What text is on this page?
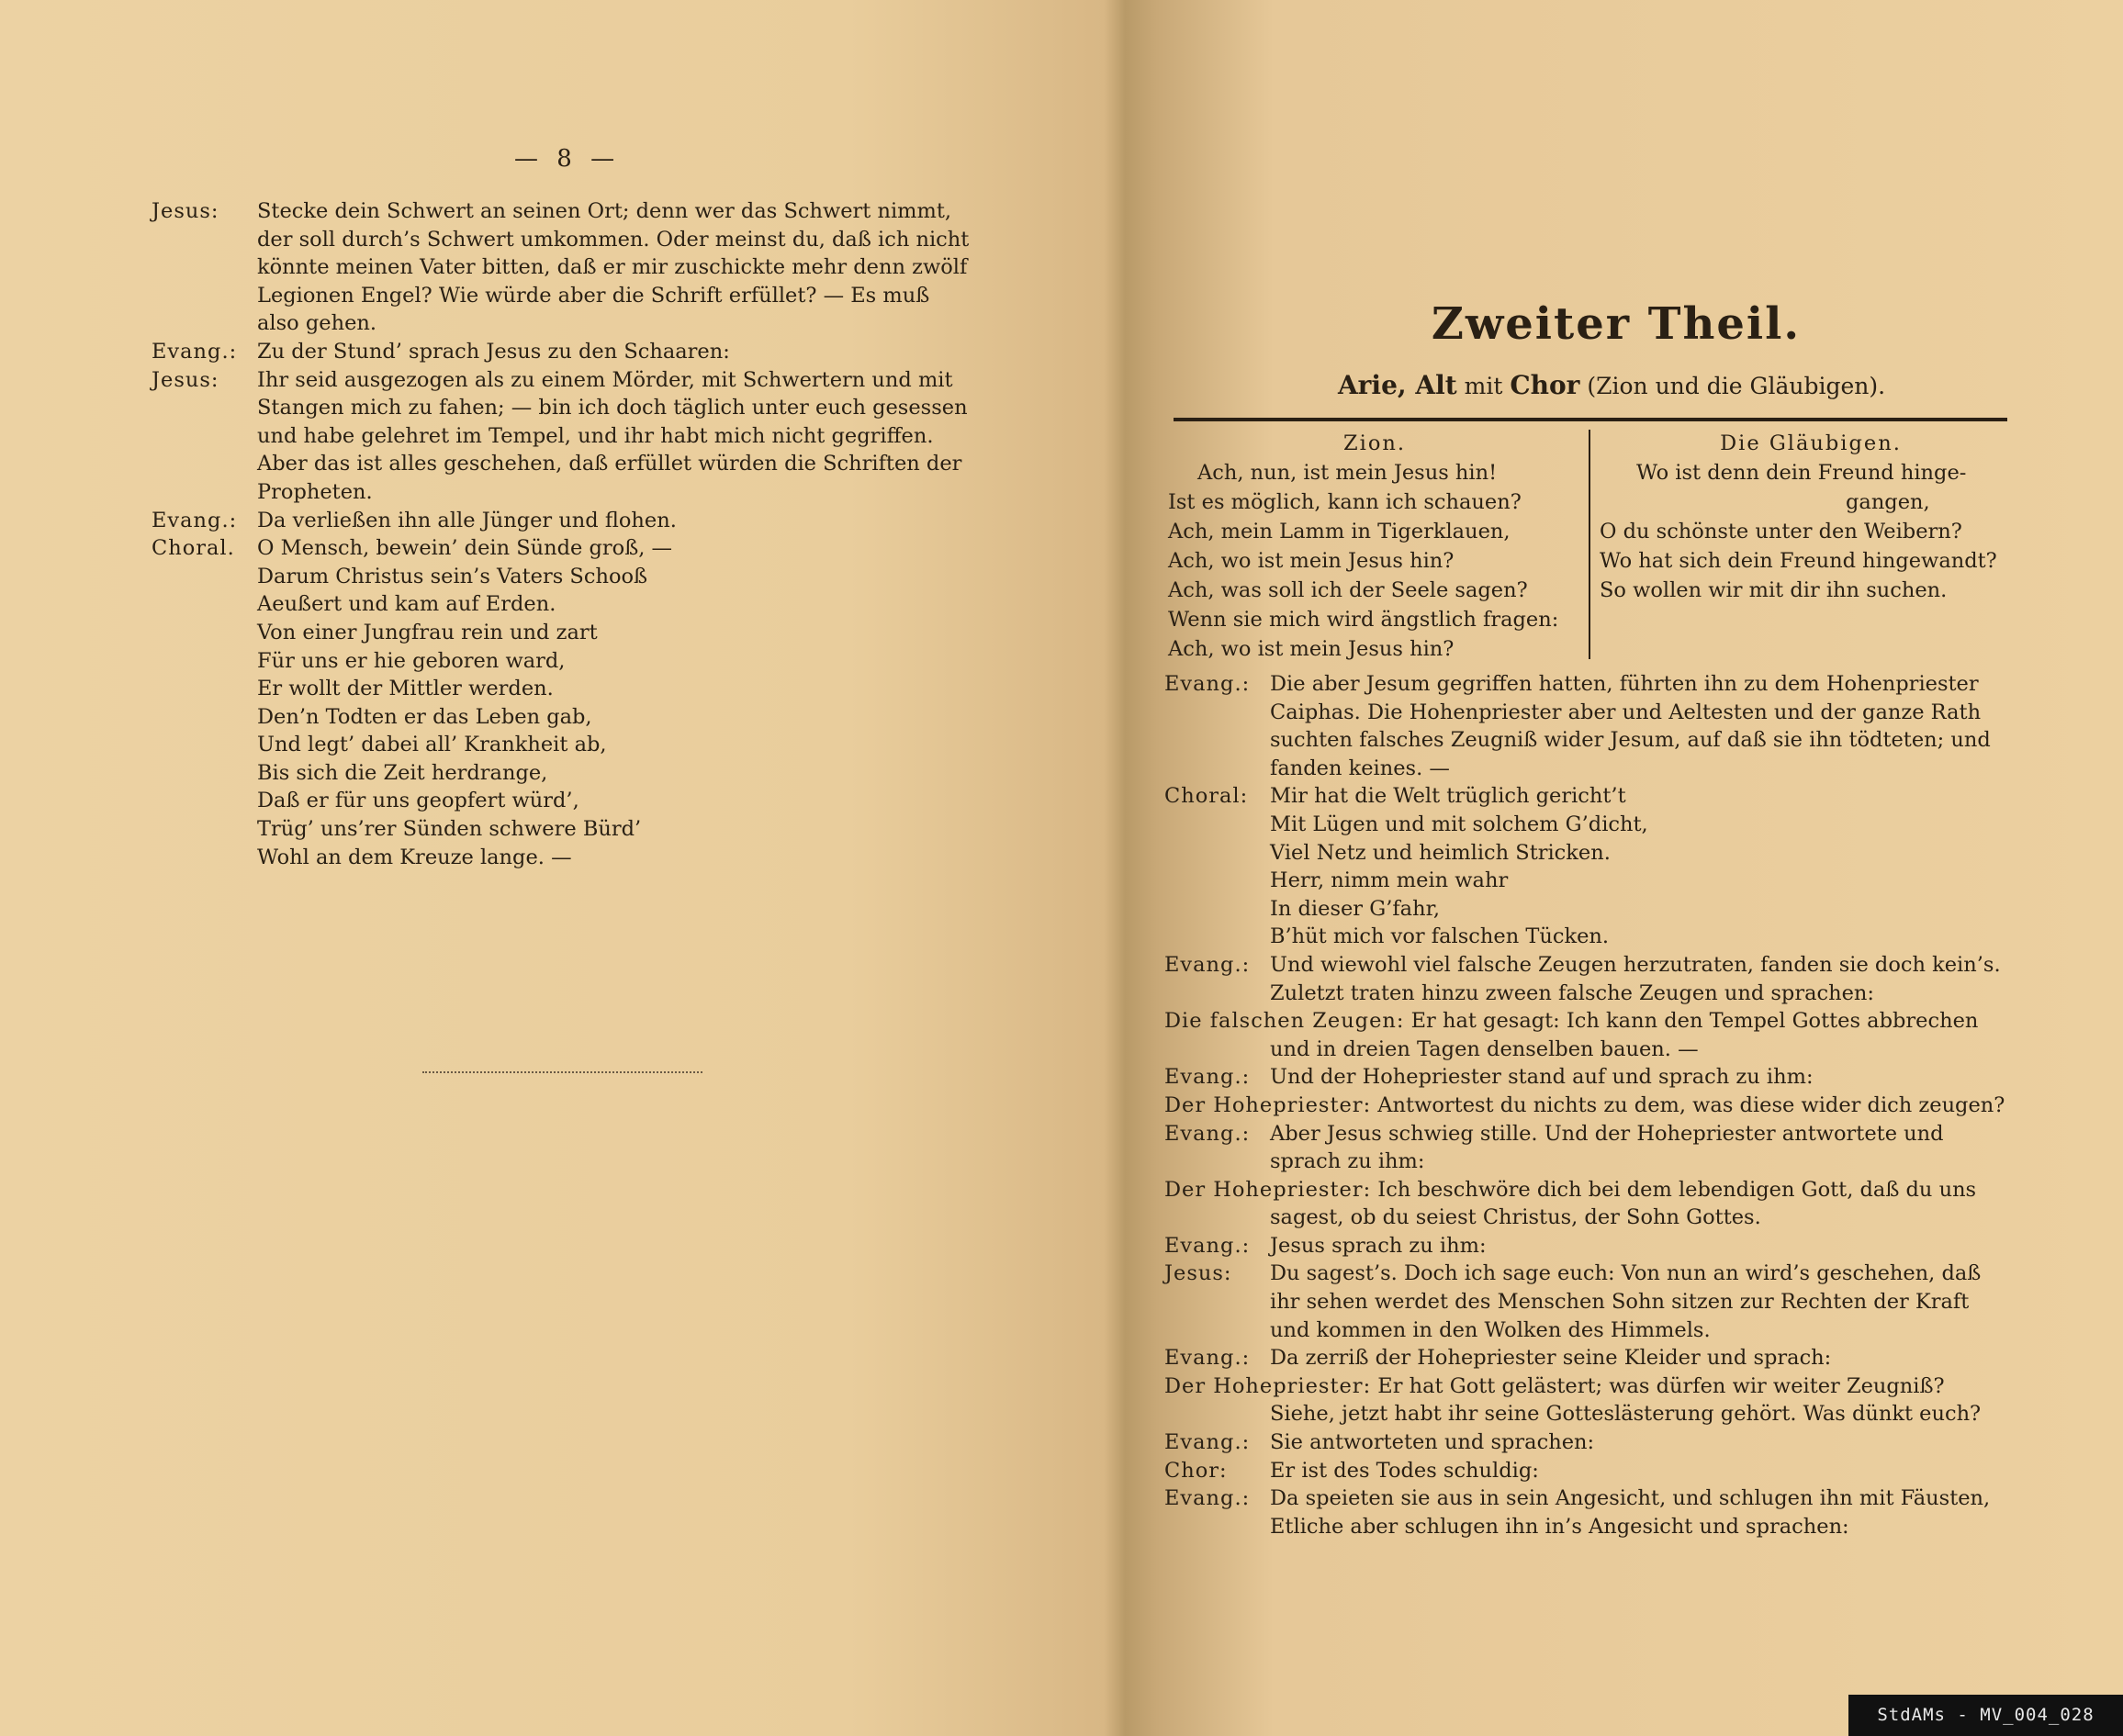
— 8 —
Jesus: Stecke dein Schwert an seinen Ort; denn wer das Schwert nimmt,
der soll durch’s Schwert umkommen. Oder meinst du, daß ich nicht
könnte meinen Vater bitten, daß er mir zuschickte mehr denn zwölf
Legionen Engel? Wie würde aber die Schrift erfüllet? — Es muß
also gehen.
Evang.: Zu der Stund’ sprach Jesus zu den Schaaren:
Jesus: Ihr seid ausgezogen als zu einem Mörder, mit Schwertern und mit
Stangen mich zu fahen; — bin ich doch täglich unter euch gesessen
und habe gelehret im Tempel, und ihr habt mich nicht gegriffen.
Aber das ist alles geschehen, daß erfüllet würden die Schriften der
Propheten.
Evang.: Da verließen ihn alle Jünger und flohen.
Choral. O Mensch, bewein’ dein Sünde groß, —
Darum Christus sein’s Vaters Schooß
Aeußert und kam auf Erden.
Von einer Jungfrau rein und zart
Für uns er hie geboren ward,
Er wollt der Mittler werden.
Den’n Todten er das Leben gab,
Und legt’ dabei all’ Krankheit ab,
Bis sich die Zeit herdrange,
Daß er für uns geopfert würd’,
Trüg’ uns’rer Sünden schwere Bürd’
Wohl an dem Kreuze lange. —
Zweiter Theil.
Arie, Alt mit Chor (Zion und die Gläubigen).
Zion.
Ach, nun, ist mein Jesus hin!
Ist es möglich, kann ich schauen?
Ach, mein Lamm in Tigerklauen,
Ach, wo ist mein Jesus hin?
Ach, was soll ich der Seele sagen?
Wenn sie mich wird ängstlich fragen:
Ach, wo ist mein Jesus hin?
Die Gläubigen.
Wo ist denn dein Freund hinge-
gangen,
O du schönste unter den Weibern?
Wo hat sich dein Freund hingewandt?
So wollen wir mit dir ihn suchen.
Evang.: Die aber Jesum gegriffen hatten, führten ihn zu dem Hohenpriester
Caiphas. Die Hohenpriester aber und Aeltesten und der ganze Rath
suchten falsches Zeugniß wider Jesum, auf daß sie ihn tödteten; und
fanden keines. —
Choral: Mir hat die Welt trüglich gericht’t
Mit Lügen und mit solchem G’dicht,
Viel Netz und heimlich Stricken.
Herr, nimm mein wahr
In dieser G’fahr,
B’hüt mich vor falschen Tücken.
Evang.: Und wiewohl viel falsche Zeugen herzutraten, fanden sie doch kein’s.
Zuletzt traten hinzu zween falsche Zeugen und sprachen:
Die falschen Zeugen: Er hat gesagt: Ich kann den Tempel Gottes abbrechen
und in dreien Tagen denselben bauen. —
Evang.: Und der Hohepriester stand auf und sprach zu ihm:
Der Hohepriester: Antwortest du nichts zu dem, was diese wider dich zeugen?
Evang.: Aber Jesus schwieg stille. Und der Hohepriester antwortete und
sprach zu ihm:
Der Hohepriester: Ich beschwöre dich bei dem lebendigen Gott, daß du uns
sagest, ob du seiest Christus, der Sohn Gottes.
Evang.: Jesus sprach zu ihm:
Jesus: Du sagest’s. Doch ich sage euch: Von nun an wird’s geschehen, daß
ihr sehen werdet des Menschen Sohn sitzen zur Rechten der Kraft
und kommen in den Wolken des Himmels.
Evang.: Da zerriß der Hohepriester seine Kleider und sprach:
Der Hohepriester: Er hat Gott gelästert; was dürfen wir weiter Zeugniß?
Siehe, jetzt habt ihr seine Gotteslästerung gehört. Was dünkt euch?
Evang.: Sie antworteten und sprachen:
Chor: Er ist des Todes schuldig:
Evang.: Da speieten sie aus in sein Angesicht, und schlugen ihn mit Fäusten,
Etliche aber schlugen ihn in’s Angesicht und sprachen:
StdAMs - MV_004_028
